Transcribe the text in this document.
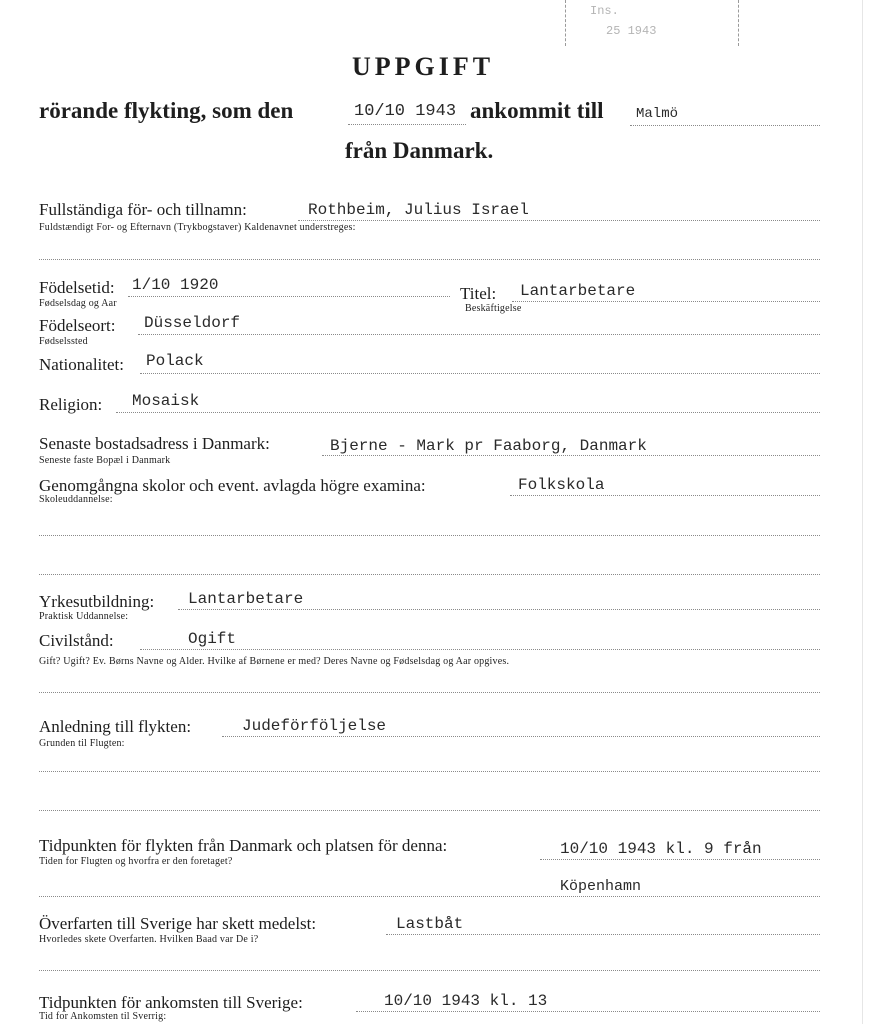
Ins.
25 1943
UPPGIFT
rörande flykting, som den	10/10 1943 ankommit till Malmö
från Danmark.
Fullständiga för- och tillnamn:	Rothbeim, Julius Israel
Fuldstændigt For- og Efternavn (Trykbogstaver) Kaldenavnet understreges:
Födelsetid: 1/10 1920
Fødselsdag og Aar
Titel: Lantarbetare
Beskäftigelse
Födelseort: Düsseldorf
Fødselssted
Nationalitet: Polack
Religion: Mosaisk
Senaste bostadsadress i Danmark:	Bjerne - Mark pr Faaborg, Danmark
Seneste faste Bopæl i Danmark
Genomgångna skolor och event. avlagda högre examina:	Folkskola
Skoleuddannelse:
Yrkesutbildning: Lantarbetare
Praktisk Uddannelse:
Civilstånd:	Ogift
Gift? Ugift? Ev. Børns Navne og Alder. Hvilke af Børnene er med? Deres Navne og Fødselsdag og Aar opgives.
Anledning till flykten:	Judeförföljelse
Grunden til Flugten:
Tidpunkten för flykten från Danmark och platsen för denna:	10/10 1943 kl. 9 från
Tiden for Flugten og hvorfra er den foretaget?
Köpenhamn
Överfarten till Sverige har skett medelst:	Lastbåt
Hvorledes skete Overfarten. Hvilken Baad var De i?
Tidpunkten för ankomsten till Sverige:	10/10 1943 kl. 13
Tid for Ankomsten til Sverrig:
